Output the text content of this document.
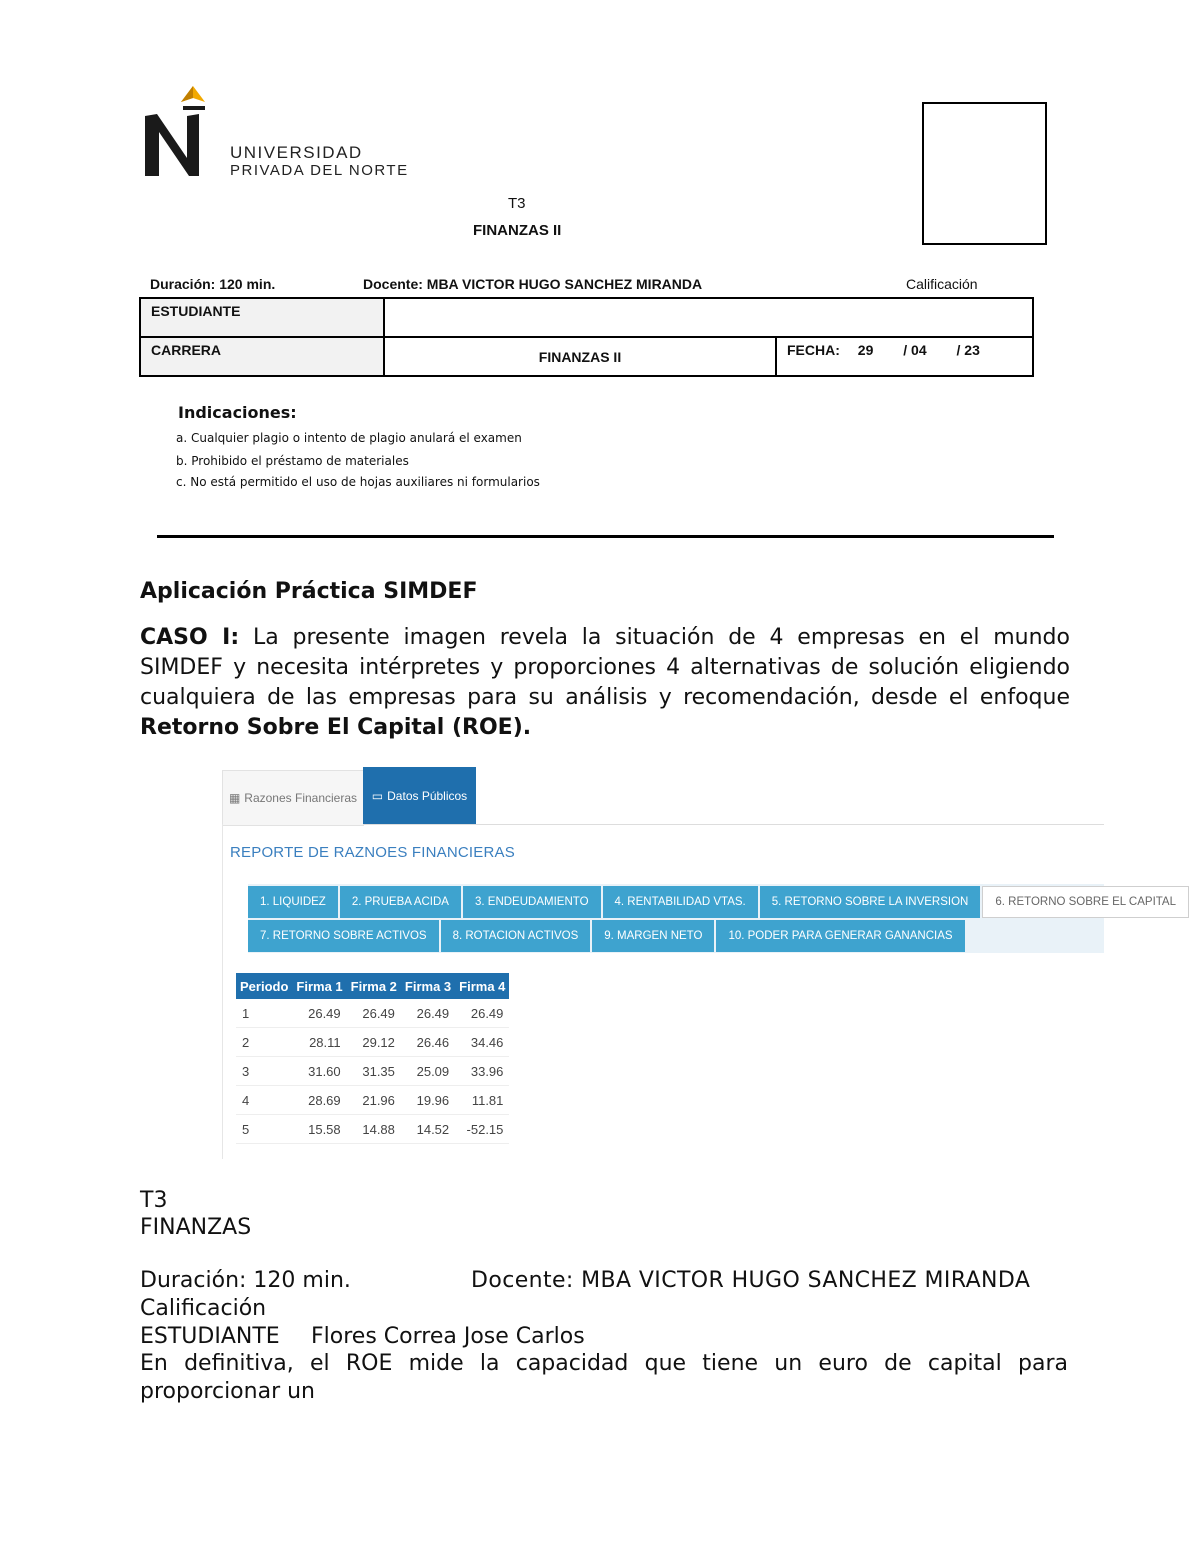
UNIVERSIDAD
PRIVADA DEL NORTE
T3
FINANZAS II
Duración: 120 min.	Docente: MBA VICTOR HUGO SANCHEZ MIRANDA	Calificación
ESTUDIANTE		
CARRERA	FINANZAS II	FECHA: 29 / 04 / 23
Indicaciones:
a. Cualquier plagio o intento de plagio anulará el examen
b. Prohibido el préstamo de materiales
c. No está permitido el uso de hojas auxiliares ni formularios
Aplicación Práctica SIMDEF
CASO I: La presente imagen revela la situación de 4 empresas en el mundo SIMDEF y necesita intérpretes y proporciones 4 alternativas de solución eligiendo cualquiera de las empresas para su análisis y recomendación, desde el enfoque Retorno Sobre El Capital (ROE).
▦ Razones Financieras ▭ Datos Públicos
REPORTE DE RAZNOES FINANCIERAS
1. LIQUIDEZ	2. PRUEBA ACIDA	3. ENDEUDAMIENTO	4. RENTABILIDAD VTAS.	5. RETORNO SOBRE LA INVERSION	6. RETORNO SOBRE EL CAPITAL
7. RETORNO SOBRE ACTIVOS	8. ROTACION ACTIVOS	9. MARGEN NETO	10. PODER PARA GENERAR GANANCIAS
Periodo	Firma 1	Firma 2	Firma 3	Firma 4
1	26.49	26.49	26.49	26.49
2	28.11	29.12	26.46	34.46
3	31.60	31.35	25.09	33.96
4	28.69	21.96	19.96	11.81
5	15.58	14.88	14.52	-52.15
T3
FINANZAS
Duración: 120 min.	Docente: MBA VICTOR HUGO SANCHEZ MIRANDA
Calificación
ESTUDIANTE Flores Correa Jose Carlos
En definitiva, el ROE mide la capacidad que tiene un euro de capital para proporcionar un
